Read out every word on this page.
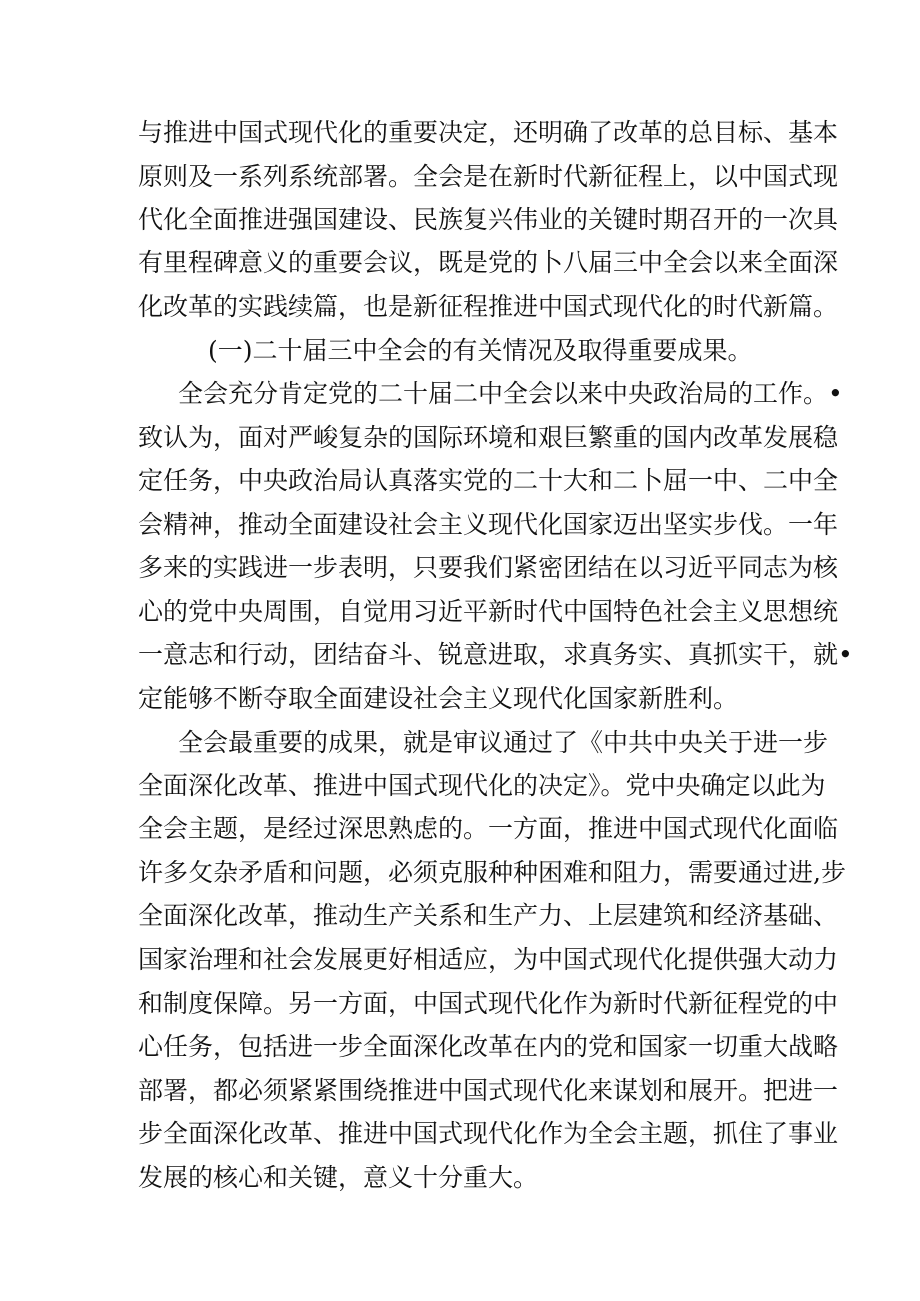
与推进中国式现代化的重要决定，还明确了改革的总目标、基本
原则及一系列系统部署。全会是在新时代新征程上，以中国式现
代化全面推进强国建设、民族复兴伟业的关键时期召开的一次具
有里程碑意义的重要会议，既是党的卜八届三中全会以来全面深
化改革的实践续篇，也是新征程推进中国式现代化的时代新篇。
(一)二十届三中全会的有关情况及取得重要成果。
全会充分肯定党的二十届二中全会以来中央政治局的工作。•
致认为，面对严峻复杂的国际环境和艰巨繁重的国内改革发展稳
定任务，中央政治局认真落实党的二十大和二卜屈一中、二中全
会精神，推动全面建设社会主义现代化国家迈出坚实步伐。一年
多来的实践进一步表明，只要我们紧密团结在以习近平同志为核
心的党中央周围，自觉用习近平新时代中国特色社会主义思想统
一意志和行动，团结奋斗、锐意进取，求真务实、真抓实干，就•
定能够不断夺取全面建设社会主义现代化国家新胜利。
全会最重要的成果，就是审议通过了《中共中央关于进一步
全面深化改革、推进中国式现代化的决定》。党中央确定以此为
全会主题，是经过深思熟虑的。一方面，推进中国式现代化面临
许多攵杂矛盾和问题，必须克服种种困难和阻力，需要通过进,步
全面深化改革，推动生产关系和生产力、上层建筑和经济基础、
国家治理和社会发展更好相适应，为中国式现代化提供强大动力
和制度保障。另一方面，中国式现代化作为新时代新征程党的中
心任务，包括进一步全面深化改革在内的党和国家一切重大战略
部署，都必须紧紧围绕推进中国式现代化来谋划和展开。把进一
步全面深化改革、推进中国式现代化作为全会主题，抓住了事业
发展的核心和关键，意义十分重大。
